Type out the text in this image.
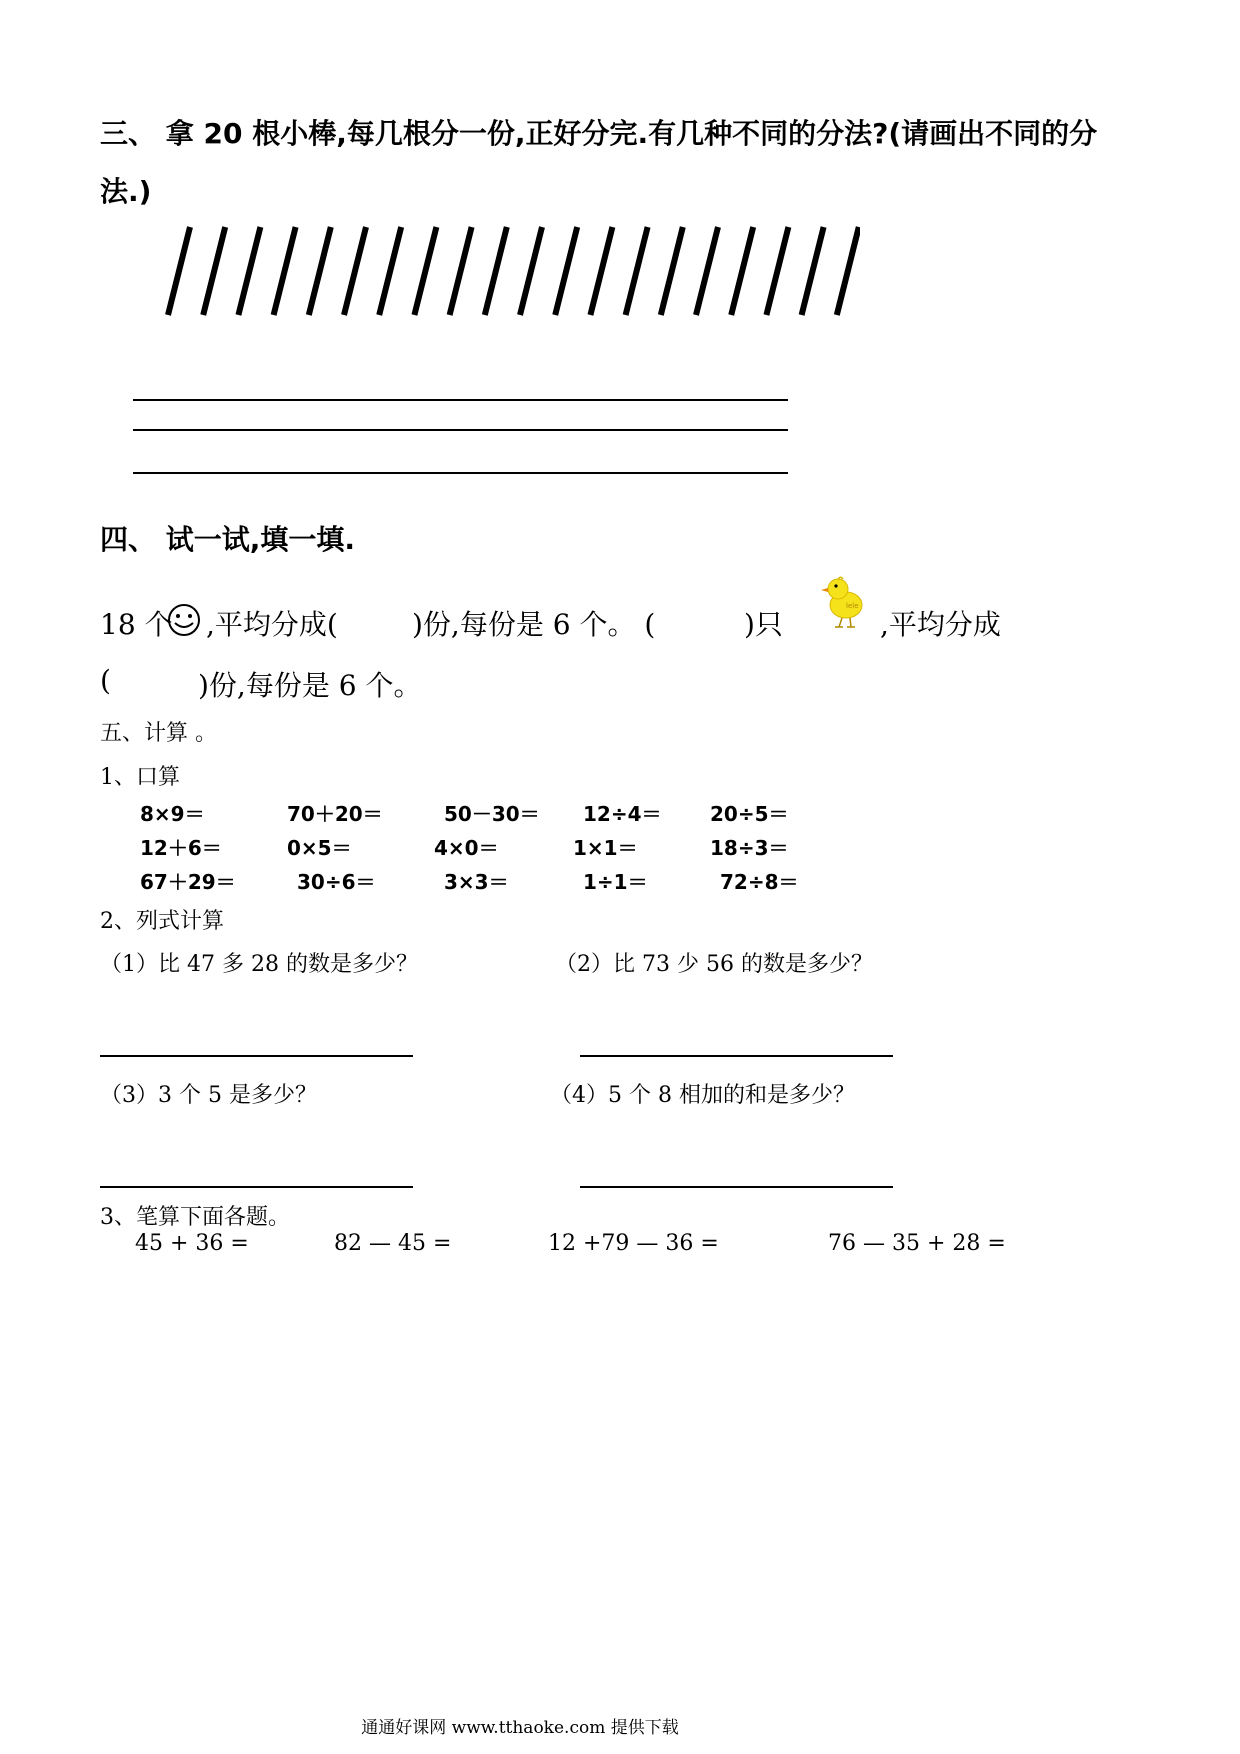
三、 拿 20 根小棒,每几根分一份,正好分完.有几种不同的分法?(请画出不同的分
法.)
四、 试一试,填一填.
18 个 ,平均分成(	)份,每份是 6 个。 (	)只
lele
,平均分成
(	)份,每份是 6 个。
五、计算 。
1、口算
8×9＝	70＋20＝	50－30＝ 12÷4＝ 20÷5＝
12＋6＝	0×5＝	4×0＝	1×1＝	18÷3＝
67＋29＝	30÷6＝	3×3＝	1÷1＝	72÷8＝
2、列式计算
（1）比 47 多 28 的数是多少？	（2）比 73 少 56 的数是多少？
（3）3 个 5 是多少？	（4）5 个 8 相加的和是多少？
3、笔算下面各题。
45 + 36 =	82 — 45 =	12 +79 — 36 =	76 — 35 + 28 =
通通好课网 www.tthaoke.com 提供下载
